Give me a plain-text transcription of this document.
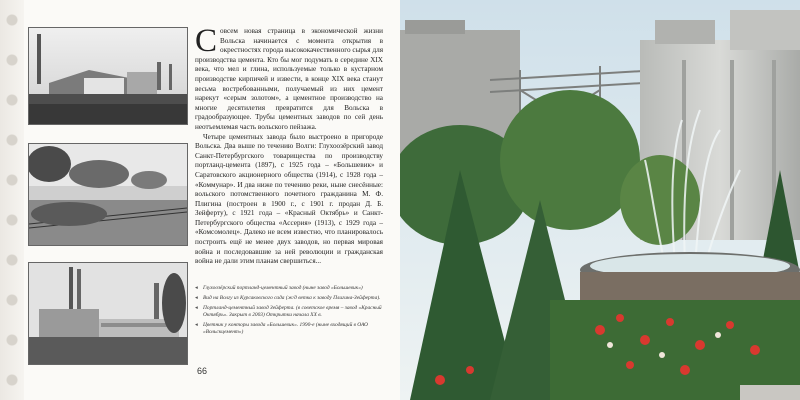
Совсем новая страница в экономической жизни Вольска начинается с момента открытия в окрестностях города высококачественного сырья для производства цемента. Кто бы мог подумать в середине XIX века, что мел и глина, используемые только в кустарном производстве кирпичей и извести, в конце XIX века станут весьма востребованными, получаемый из них цемент нарекут «серым золотом», а цементное производство на многие десятилетия превратится для Вольска в градообразующее. Трубы цементных заводов по сей день неотъемлемая часть вольского пейзажа.

Четыре цементных завода было выстроено в пригороде Вольска. Два выше по течению Волги: Глухоозёрский завод Санкт-Петербургского товарищества по производству портланд-цемента (1897), с 1925 года – «Большевик» и Саратовского акционерного общества (1914), с 1928 года – «Коммунар». И два ниже по течению реки, ныне снесённые: вольского потомственного почетного гражданина М. Ф. Плигина (построен в 1900 г., с 1901 г. продан Д. Б. Зейферту), с 1921 года – «Красный Октябрь» и Санкт-Петербургского общества «Ассерия» (1913), с 1929 года – «Комсомолец». Далеко не всем известно, что планировалось построить ещё не менее двух заводов, но первая мировая война и последовавшие за ней революции и гражданская война не дали этим планам свершиться...

◂ Глухоозёрский портланд-цементный завод (ныне завод «Большевик»)
◂ Вид на Волгу из Курсаковского сада (ж/д ветка к заводу Плигина-Зейферта).
◂ Портланд-цементный завод Зейферта. (в советское время – завод «Красный Октябрь». Закрыт в 2003) Открытки начала XX в.
◂ Цветник у конторы завода «Большевик». 1990-е (ныне входящий в ОАО «Вольскцемент»)
66
